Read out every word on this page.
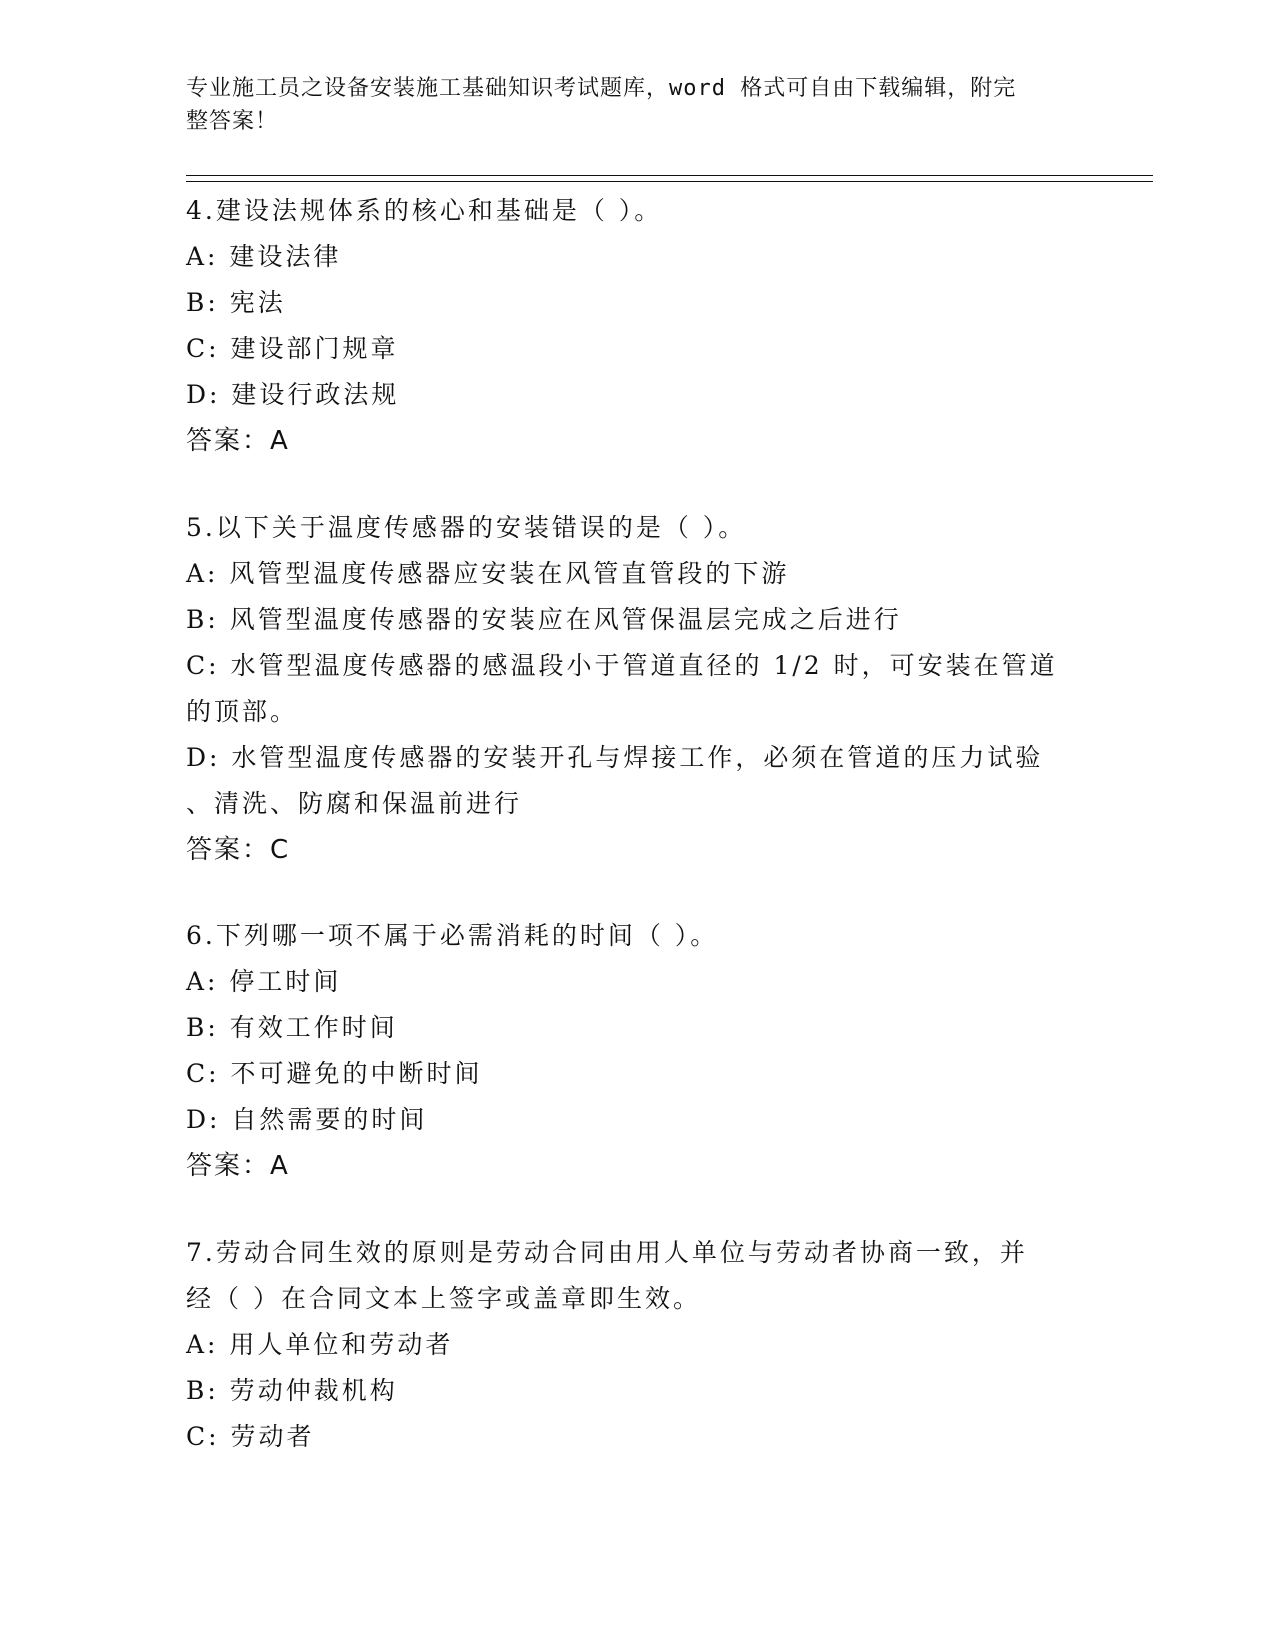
专业施工员之设备安装施工基础知识考试题库，word 格式可自由下载编辑，附完
整答案！
4.建设法规体系的核心和基础是（ ）。
A: 建设法律
B: 宪法
C: 建设部门规章
D: 建设行政法规
答案：A
5.以下关于温度传感器的安装错误的是（ ）。
A: 风管型温度传感器应安装在风管直管段的下游
B: 风管型温度传感器的安装应在风管保温层完成之后进行
C: 水管型温度传感器的感温段小于管道直径的 1/2 时，可安装在管道
的顶部。
D: 水管型温度传感器的安装开孔与焊接工作，必须在管道的压力试验
、清洗、防腐和保温前进行
答案：C
6.下列哪一项不属于必需消耗的时间（ ）。
A: 停工时间
B: 有效工作时间
C: 不可避免的中断时间
D: 自然需要的时间
答案：A
7.劳动合同生效的原则是劳动合同由用人单位与劳动者协商一致，并
经（ ）在合同文本上签字或盖章即生效。
A: 用人单位和劳动者
B: 劳动仲裁机构
C: 劳动者
